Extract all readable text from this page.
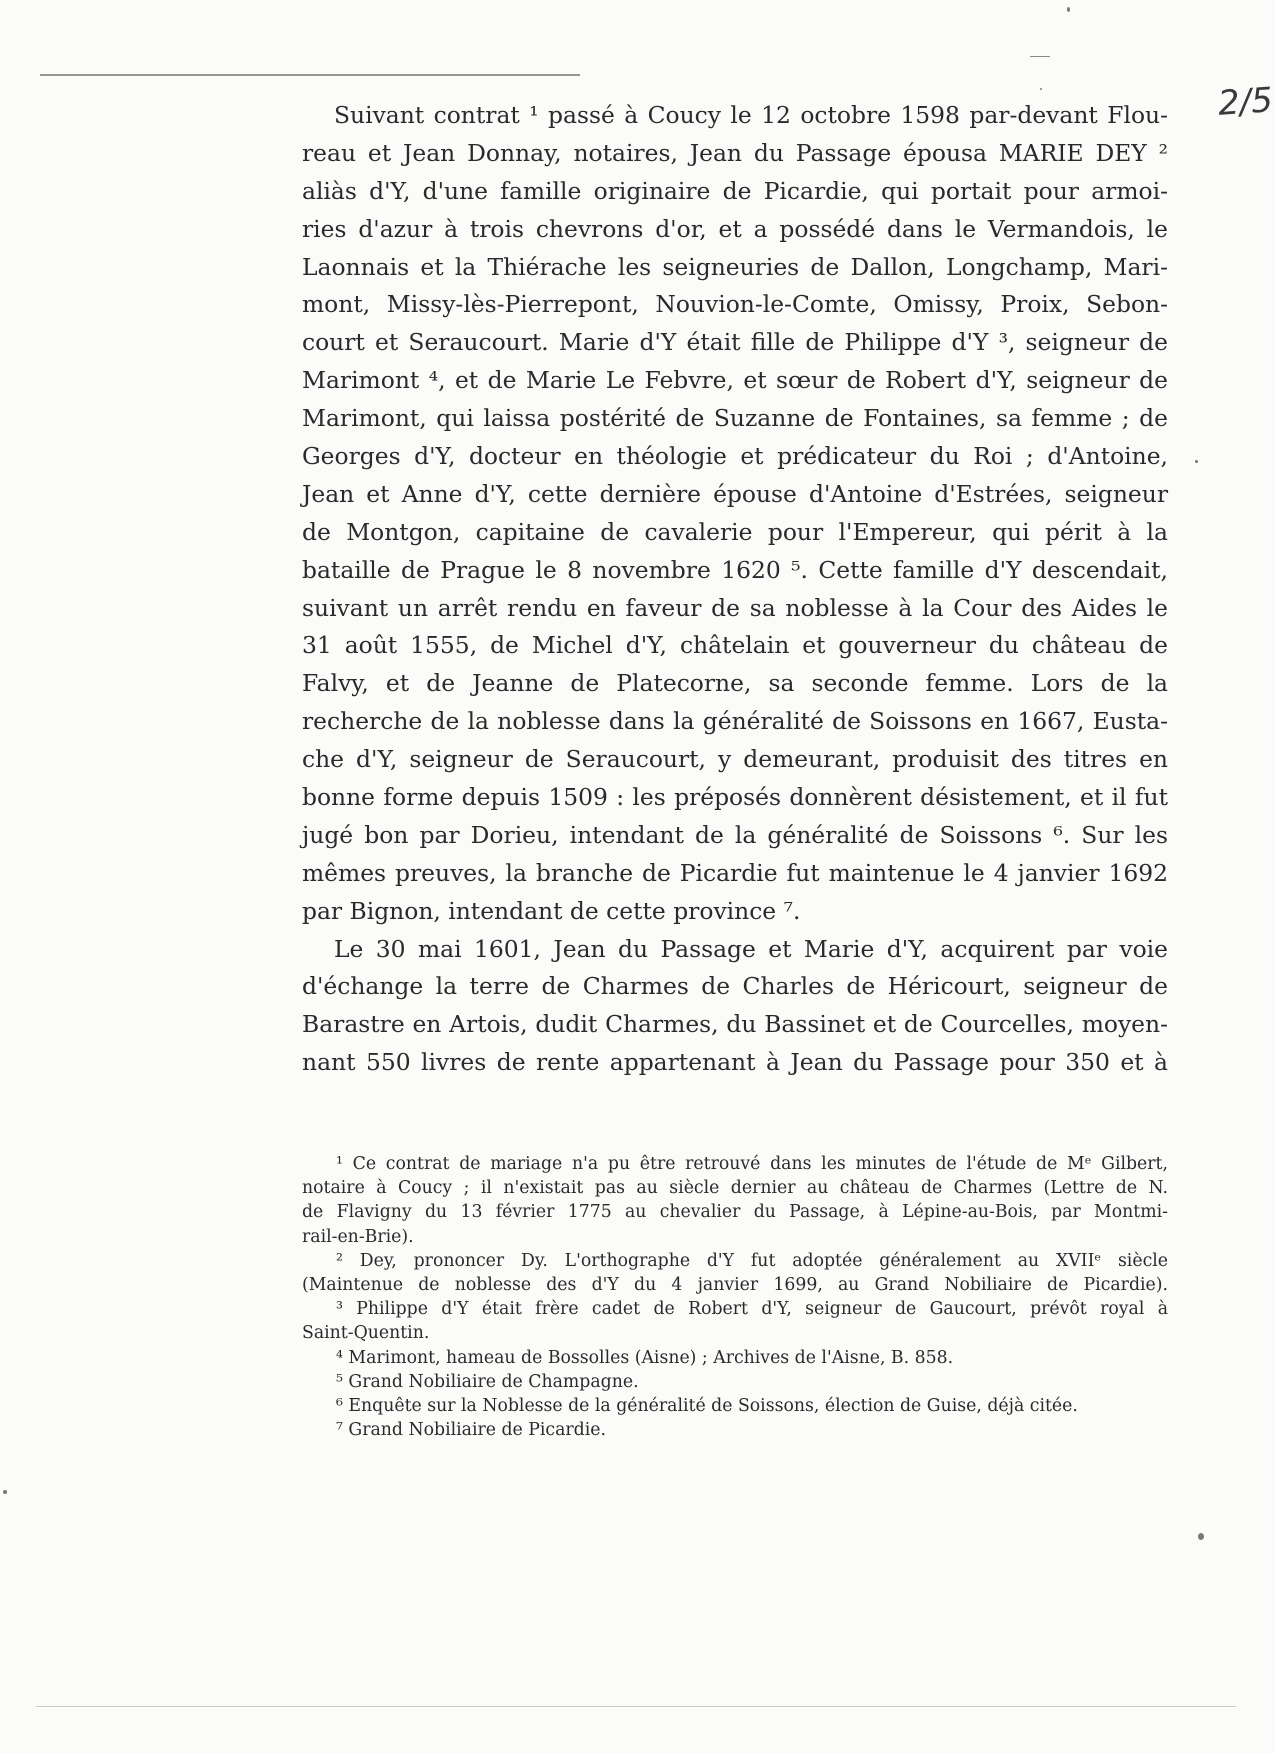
2/5
Suivant contrat ¹ passé à Coucy le 12 octobre 1598 par-devant Flou-
reau et Jean Donnay, notaires, Jean du Passage épousa MARIE DEY ²
aliàs d'Y, d'une famille originaire de Picardie, qui portait pour armoi-
ries d'azur à trois chevrons d'or, et a possédé dans le Vermandois, le
Laonnais et la Thiérache les seigneuries de Dallon, Longchamp, Mari-
mont, Missy-lès-Pierrepont, Nouvion-le-Comte, Omissy, Proix, Sebon-
court et Seraucourt. Marie d'Y était fille de Philippe d'Y ³, seigneur de
Marimont ⁴, et de Marie Le Febvre, et sœur de Robert d'Y, seigneur de
Marimont, qui laissa postérité de Suzanne de Fontaines, sa femme ; de
Georges d'Y, docteur en théologie et prédicateur du Roi ; d'Antoine,
Jean et Anne d'Y, cette dernière épouse d'Antoine d'Estrées, seigneur
de Montgon, capitaine de cavalerie pour l'Empereur, qui périt à la
bataille de Prague le 8 novembre 1620 ⁵. Cette famille d'Y descendait,
suivant un arrêt rendu en faveur de sa noblesse à la Cour des Aides le
31 août 1555, de Michel d'Y, châtelain et gouverneur du château de
Falvy, et de Jeanne de Platecorne, sa seconde femme. Lors de la
recherche de la noblesse dans la généralité de Soissons en 1667, Eusta-
che d'Y, seigneur de Seraucourt, y demeurant, produisit des titres en
bonne forme depuis 1509 : les préposés donnèrent désistement, et il fut
jugé bon par Dorieu, intendant de la généralité de Soissons ⁶. Sur les
mêmes preuves, la branche de Picardie fut maintenue le 4 janvier 1692
par Bignon, intendant de cette province ⁷.
Le 30 mai 1601, Jean du Passage et Marie d'Y, acquirent par voie
d'échange la terre de Charmes de Charles de Héricourt, seigneur de
Barastre en Artois, dudit Charmes, du Bassinet et de Courcelles, moyen-
nant 550 livres de rente appartenant à Jean du Passage pour 350 et à
¹ Ce contrat de mariage n'a pu être retrouvé dans les minutes de l'étude de Mᵉ Gilbert,
notaire à Coucy ; il n'existait pas au siècle dernier au château de Charmes (Lettre de N.
de Flavigny du 13 février 1775 au chevalier du Passage, à Lépine-au-Bois, par Montmi-
rail-en-Brie).
² Dey, prononcer Dy. L'orthographe d'Y fut adoptée généralement au XVIIᵉ siècle
(Maintenue de noblesse des d'Y du 4 janvier 1699, au Grand Nobiliaire de Picardie).
³ Philippe d'Y était frère cadet de Robert d'Y, seigneur de Gaucourt, prévôt royal à
Saint-Quentin.
⁴ Marimont, hameau de Bossolles (Aisne) ; Archives de l'Aisne, B. 858.
⁵ Grand Nobiliaire de Champagne.
⁶ Enquête sur la Noblesse de la généralité de Soissons, élection de Guise, déjà citée.
⁷ Grand Nobiliaire de Picardie.
